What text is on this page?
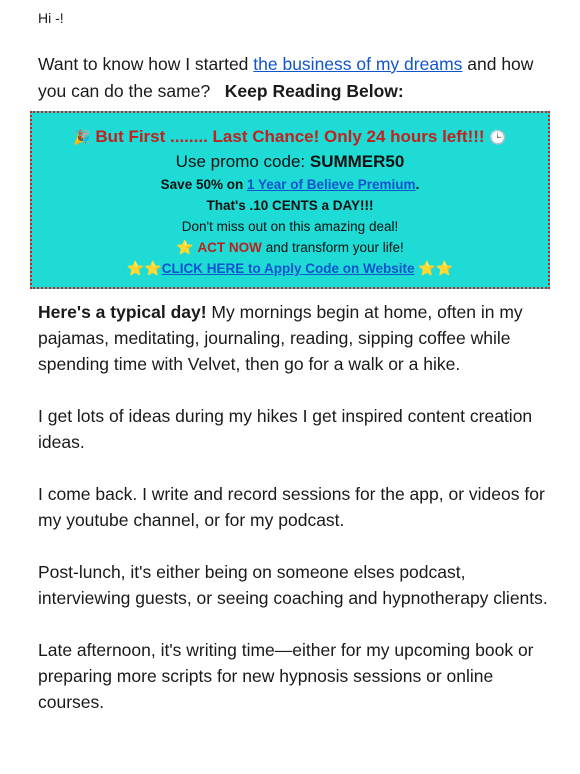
Hi -!
Want to know how I started the business of my dreams and how you can do the same? Keep Reading Below:
🎉 But First ........ Last Chance! Only 24 hours left!!! 🕒
Use promo code: SUMMER50
Save 50% on 1 Year of Believe Premium.
That's .10 CENTS a DAY!!!
Don't miss out on this amazing deal!
⭐ ACT NOW and transform your life!
⭐⭐CLICK HERE to Apply Code on Website ⭐⭐

Here's a typical day! My mornings begin at home, often in my pajamas, meditating, journaling, reading, sipping coffee while spending time with Velvet, then go for a walk or a hike.

I get lots of ideas during my hikes I get inspired content creation ideas.

I come back. I write and record sessions for the app, or videos for my youtube channel, or for my podcast.

Post-lunch, it's either being on someone elses podcast, interviewing guests, or seeing coaching and hypnotherapy clients.

Late afternoon, it's writing time—either for my upcoming book or preparing more scripts for new hypnosis sessions or online courses.
